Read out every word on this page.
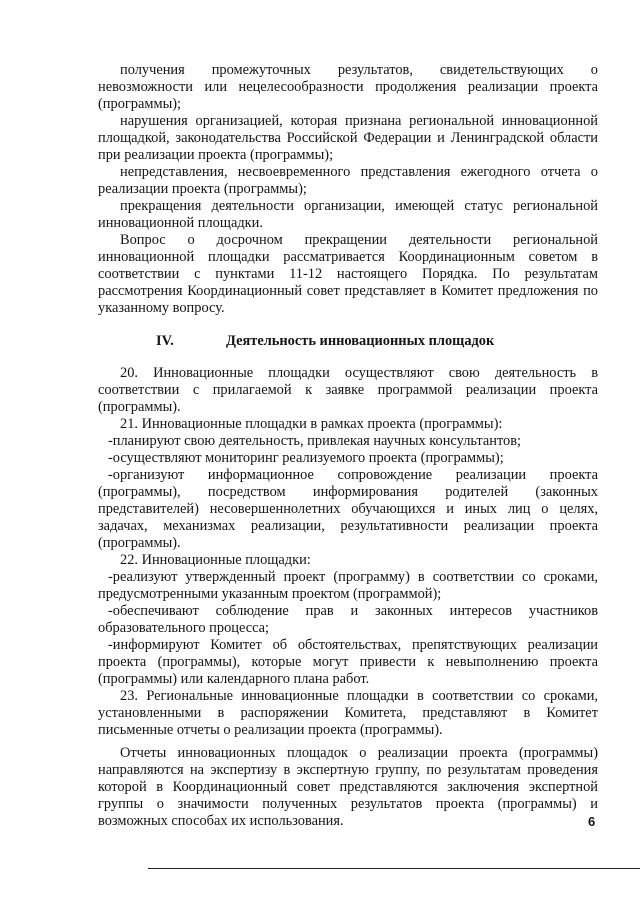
получения промежуточных результатов, свидетельствующих о
невозможности или нецелесообразности продолжения реализации проекта
(программы);
нарушения организацией, которая признана региональной инновационной
площадкой, законодательства Российской Федерации и Ленинградской области
при реализации проекта (программы);
непредставления, несвоевременного представления ежегодного отчета о
реализации проекта (программы);
прекращения деятельности организации, имеющей статус региональной
инновационной площадки.
Вопрос о досрочном прекращении деятельности региональной
инновационной площадки рассматривается Координационным советом в
соответствии с пунктами 11-12 настоящего Порядка. По результатам
рассмотрения Координационный совет представляет в Комитет предложения по
указанному вопросу.
IV.	Деятельность инновационных площадок
20. Инновационные площадки осуществляют свою деятельность в
соответствии с прилагаемой к заявке программой реализации проекта
(программы).
21. Инновационные площадки в рамках проекта (программы):
-планируют свою деятельность, привлекая научных консультантов;
-осуществляют мониторинг реализуемого проекта (программы);
-организуют информационное сопровождение реализации проекта
(программы), посредством информирования родителей (законных
представителей) несовершеннолетних обучающихся и иных лиц о целях,
задачах, механизмах реализации, результативности реализации проекта
(программы).
22. Инновационные площадки:
-реализуют утвержденный проект (программу) в соответствии со сроками,
предусмотренными указанным проектом (программой);
-обеспечивают соблюдение прав и законных интересов участников
образовательного процесса;
-информируют Комитет об обстоятельствах, препятствующих реализации
проекта (программы), которые могут привести к невыполнению проекта
(программы) или календарного плана работ.
23. Региональные инновационные площадки в соответствии со сроками,
установленными в распоряжении Комитета, представляют в Комитет
письменные отчеты о реализации проекта (программы).
Отчеты инновационных площадок о реализации проекта (программы)
направляются на экспертизу в экспертную группу, по результатам проведения
которой в Координационный совет представляются заключения экспертной
группы о значимости полученных результатов проекта (программы) и
возможных способах их использования.	6
